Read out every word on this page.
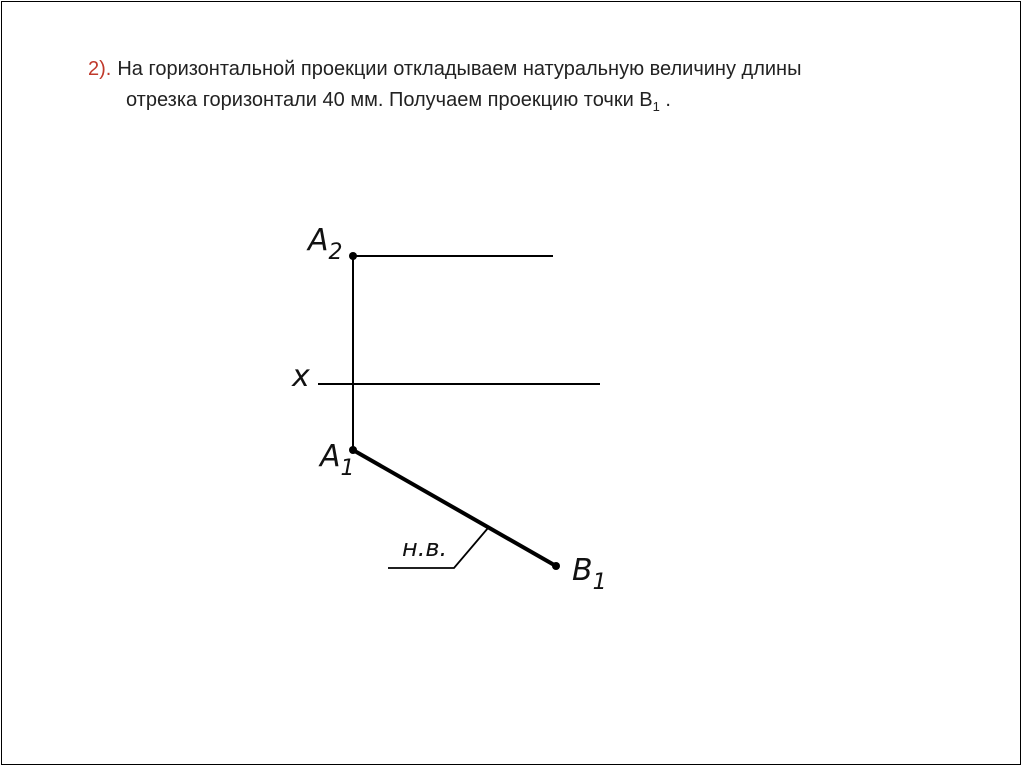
2). На горизонтальной проекции откладываем натуральную величину длины
отрезка горизонтали 40 мм. Получаем проекцию точки $В_1$ .
$A_2$
x
$A_1$
$B_1$
н.в.
